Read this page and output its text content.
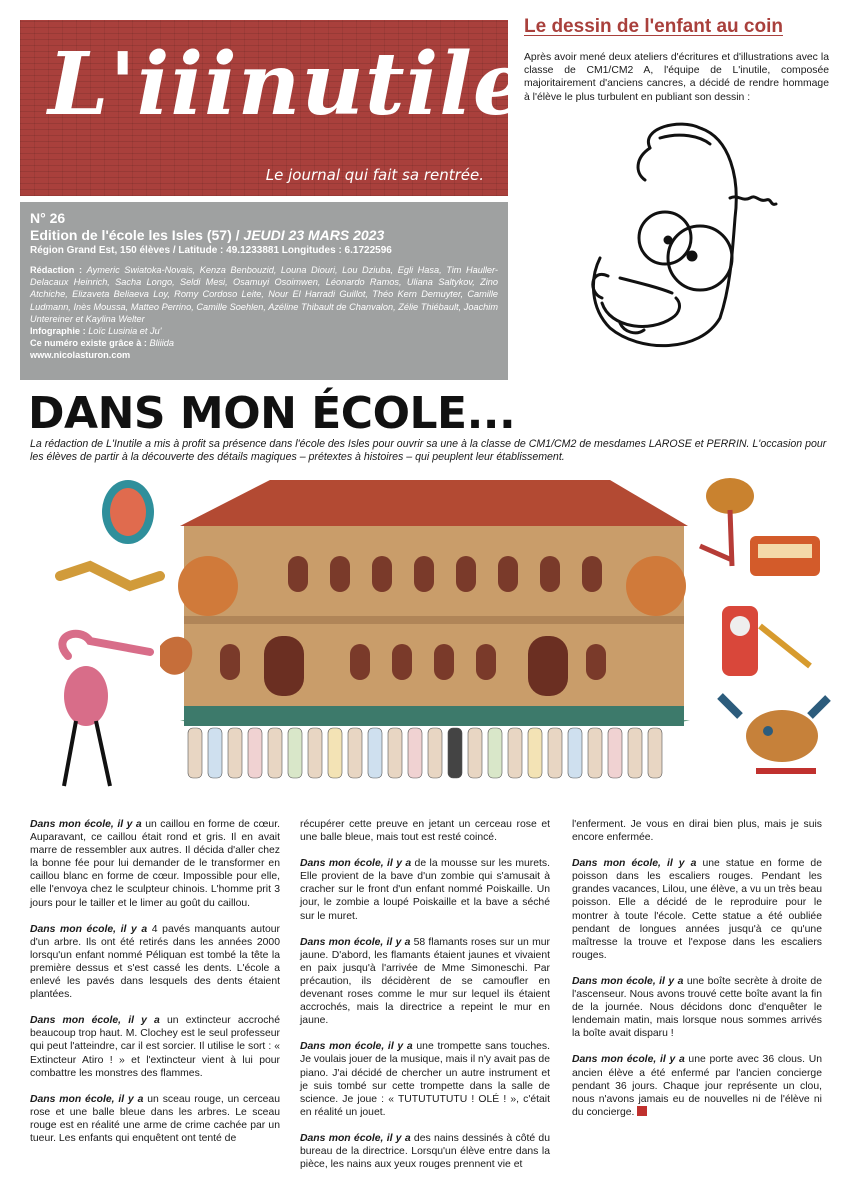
L'iiinutile
Le journal qui fait sa rentrée.
N° 26
Edition de l'école les Isles (57) / JEUDI 23 MARS 2023
Région Grand Est, 150 élèves / Latitude : 49.1233881 Longitudes : 6.1722596
Rédaction : Aymeric Swiatoka-Novais, Kenza Benbouzid, Louna Diouri, Lou Dziuba, Egli Hasa, Tim Hauller-Delacaux Heinrich, Sacha Longo, Seldi Mesi, Osamuyi Osoimwen, Léonardo Ramos, Uliana Saltykov, Zino Atchiche, Elizaveta Beliaeva Loy, Romy Cordoso Leite, Nour El Harradi Guillot, Théo Kern Demuyter, Camille Ludmann, Inès Moussa, Matteo Perrino, Camille Soehlen, Azéline Thibault de Chanvalon, Zélie Thiébault, Joachim Untereiner et Kaylina Welter
Infographie : Loïc Lusinia et Ju'
Ce numéro existe grâce à : Bliiida
www.nicolasturon.com
Le dessin de l'enfant au coin
Après avoir mené deux ateliers d'écritures et d'illustrations avec la classe de CM1/CM2 A, l'équipe de L'inutile, composée majoritairement d'anciens cancres, a décidé de rendre hommage à l'élève le plus turbulent en publiant son dessin :
DANS MON ÉCOLE...
La rédaction de L'Inutile a mis à profit sa présence dans l'école des Isles pour ouvrir sa une à la classe de CM1/CM2 de mesdames LAROSE et PERRIN. L'occasion pour les élèves de partir à la découverte des détails magiques – prétextes à histoires – qui peuplent leur établissement.

Dans mon école, il y a un caillou en forme de cœur. Auparavant, ce caillou était rond et gris. Il en avait marre de ressembler aux autres. Il décida d'aller chez la bonne fée pour lui demander de le transformer en caillou blanc en forme de cœur. Impossible pour elle, elle l'envoya chez le sculpteur chinois. L'homme prit 3 jours pour le tailler et le limer au goût du caillou.

Dans mon école, il y a 4 pavés manquants autour d'un arbre. Ils ont été retirés dans les années 2000 lorsqu'un enfant nommé Péliquan est tombé la tête la première dessus et s'est cassé les dents. L'école a enlevé les pavés dans lesquels des dents étaient plantées.

Dans mon école, il y a un extincteur accroché beaucoup trop haut. M. Clochey est le seul professeur qui peut l'atteindre, car il est sorcier. Il utilise le sort : « Extincteur Atiro ! » et l'extincteur vient à lui pour combattre les monstres des flammes.

Dans mon école, il y a un sceau rouge, un cerceau rose et une balle bleue dans les arbres. Le sceau rouge est en réalité une arme de crime cachée par un tueur. Les enfants qui enquêtent ont tenté de

récupérer cette preuve en jetant un cerceau rose et une balle bleue, mais tout est resté coincé.

Dans mon école, il y a de la mousse sur les murets. Elle provient de la bave d'un zombie qui s'amusait à cracher sur le front d'un enfant nommé Poiskaille. Un jour, le zombie a loupé Poiskaille et la bave a séché sur le muret.

Dans mon école, il y a 58 flamants roses sur un mur jaune. D'abord, les flamants étaient jaunes et vivaient en paix jusqu'à l'arrivée de Mme Simoneschi. Par précaution, ils décidèrent de se camoufler en devenant roses comme le mur sur lequel ils étaient accrochés, mais la directrice a repeint le mur en jaune.

Dans mon école, il y a une trompette sans touches. Je voulais jouer de la musique, mais il n'y avait pas de piano. J'ai décidé de chercher un autre instrument et je suis tombé sur cette trompette dans la salle de science. Je joue : « TUTUTUTUTU ! OLÉ ! », c'était en réalité un jouet.

Dans mon école, il y a des nains dessinés à côté du bureau de la directrice. Lorsqu'un élève entre dans la pièce, les nains aux yeux rouges prennent vie et

l'enferment. Je vous en dirai bien plus, mais je suis encore enfermée.

Dans mon école, il y a une statue en forme de poisson dans les escaliers rouges. Pendant les grandes vacances, Lilou, une élève, a vu un très beau poisson. Elle a décidé de le reproduire pour le montrer à toute l'école. Cette statue a été oubliée pendant de longues années jusqu'à ce qu'une maîtresse la trouve et l'expose dans les escaliers rouges.

Dans mon école, il y a une boîte secrète à droite de l'ascenseur. Nous avons trouvé cette boîte avant la fin de la journée. Nous décidons donc d'enquêter le lendemain matin, mais lorsque nous sommes arrivés la boîte avait disparu !

Dans mon école, il y a une porte avec 36 clous. Un ancien élève a été enfermé par l'ancien concierge pendant 36 jours. Chaque jour représente un clou, nous n'avons jamais eu de nouvelles ni de l'élève ni du concierge.
